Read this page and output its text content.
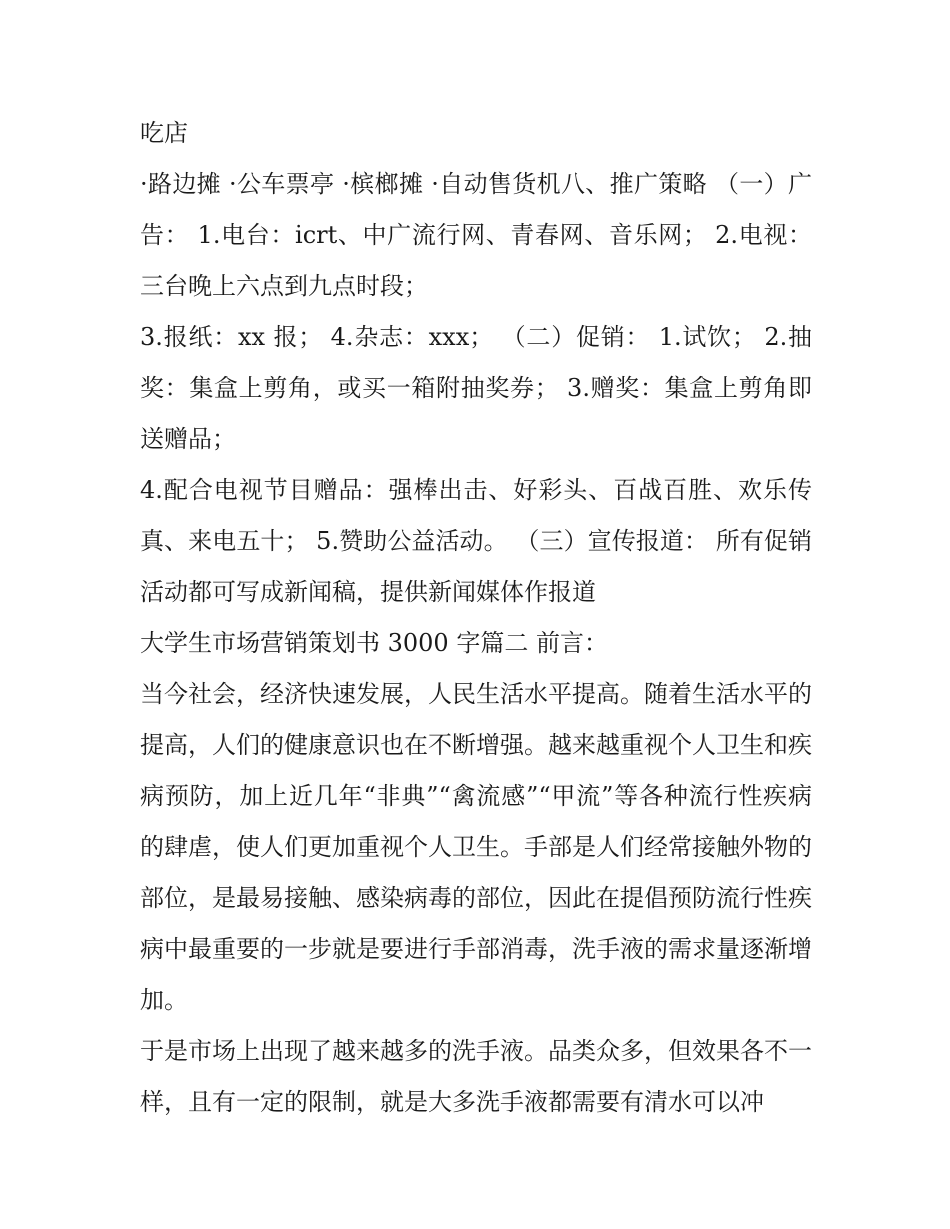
吃店

·路边摊 ·公车票亭 ·槟榔摊 ·自动售货机八、推广策略 （一）广告： 1.电台：icrt、中广流行网、青春网、音乐网； 2.电视：三台晚上六点到九点时段；

3.报纸：xx 报； 4.杂志：xxx； （二）促销： 1.试饮； 2.抽奖：集盒上剪角，或买一箱附抽奖券； 3.赠奖：集盒上剪角即送赠品；

4.配合电视节目赠品：强棒出击、好彩头、百战百胜、欢乐传真、来电五十； 5.赞助公益活动。 （三）宣传报道： 所有促销活动都可写成新闻稿，提供新闻媒体作报道

大学生市场营销策划书 3000 字篇二 前言：

当今社会，经济快速发展，人民生活水平提高。随着生活水平的提高，人们的健康意识也在不断增强。越来越重视个人卫生和疾病预防，加上近几年“非典”“禽流感”“甲流”等各种流行性疾病的肆虐，使人们更加重视个人卫生。手部是人们经常接触外物的部位，是最易接触、感染病毒的部位，因此在提倡预防流行性疾病中最重要的一步就是要进行手部消毒，洗手液的需求量逐渐增加。

于是市场上出现了越来越多的洗手液。品类众多，但效果各不一样，且有一定的限制，就是大多洗手液都需要有清水可以冲
